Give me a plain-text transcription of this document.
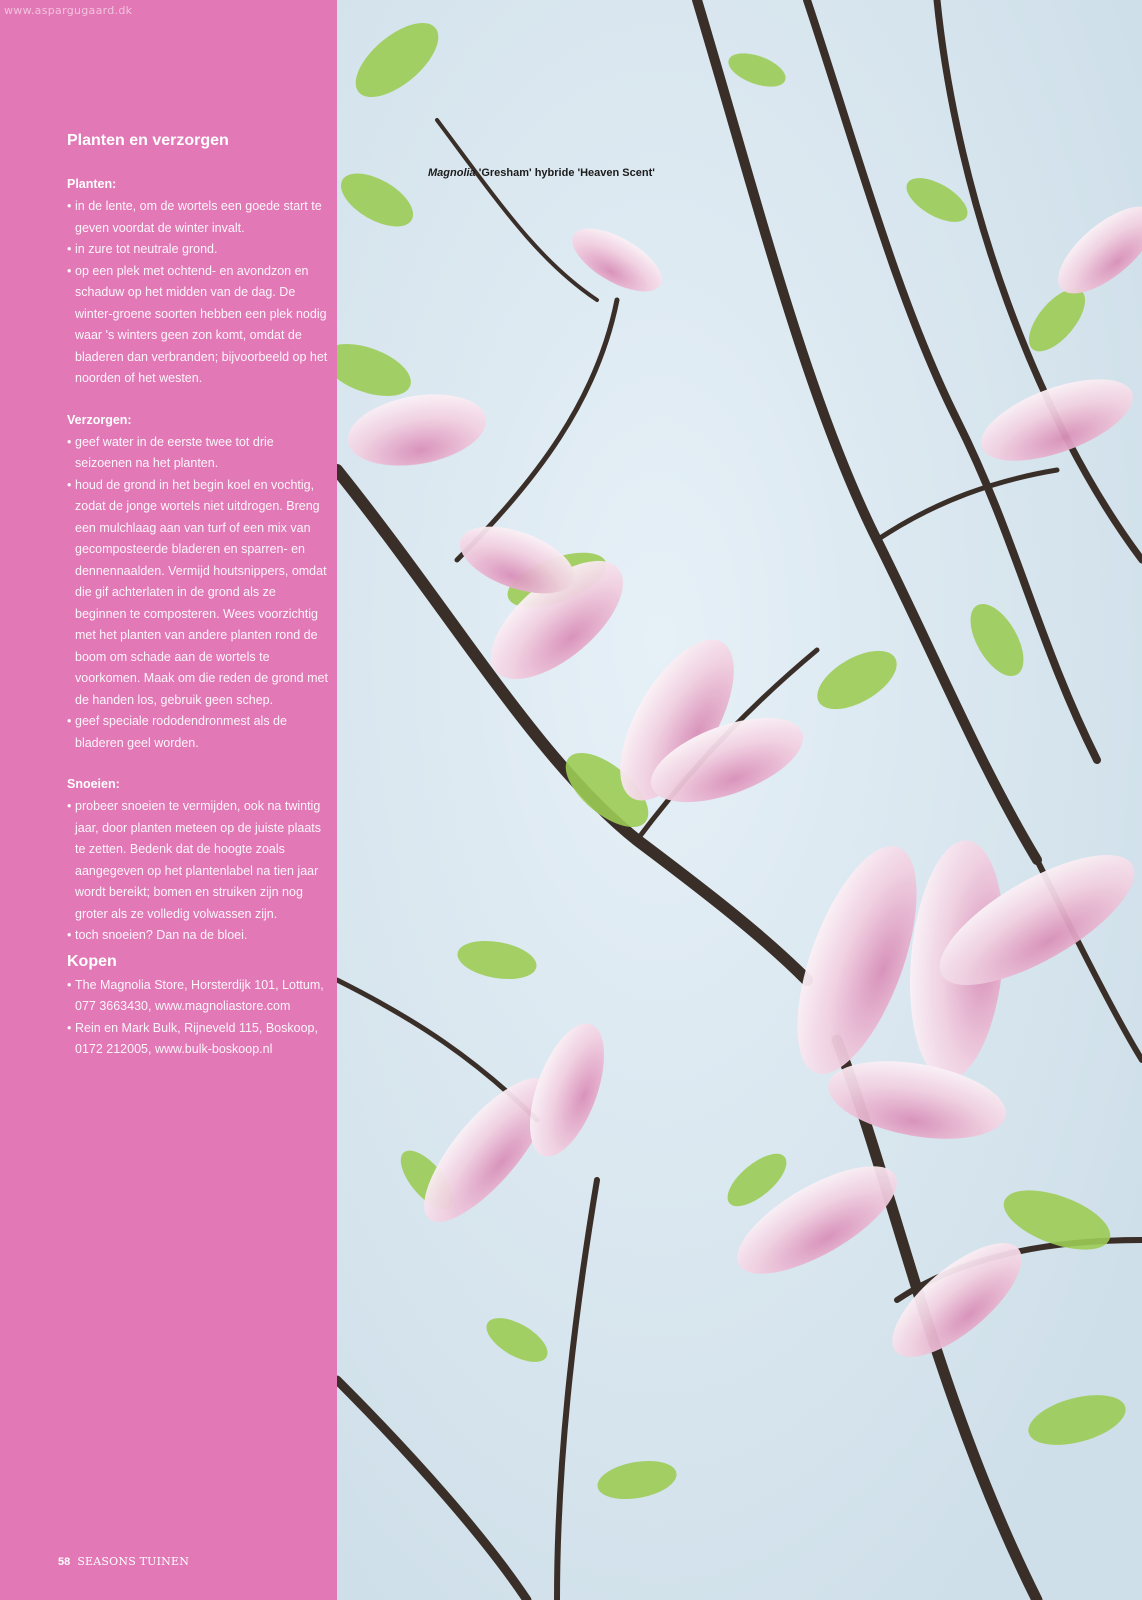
www.aspargugaard.dk
Planten en verzorgen
Planten:
• in de lente, om de wortels een goede start te geven voordat de winter invalt.
• in zure tot neutrale grond.
• op een plek met ochtend- en avondzon en schaduw op het midden van de dag. De winter-groene soorten hebben een plek nodig waar 's winters geen zon komt, omdat de bladeren dan verbranden; bijvoorbeeld op het noorden of het westen.
Verzorgen:
• geef water in de eerste twee tot drie seizoenen na het planten.
• houd de grond in het begin koel en vochtig, zodat de jonge wortels niet uitdrogen. Breng een mulchlaag aan van turf of een mix van gecomposteerde bladeren en sparren- en dennennaalden. Vermijd houtsnippers, omdat die gif achterlaten in de grond als ze beginnen te composteren. Wees voorzichtig met het planten van andere planten rond de boom om schade aan de wortels te voorkomen. Maak om die reden de grond met de handen los, gebruik geen schep.
• geef speciale rododendronmest als de bladeren geel worden.
Snoeien:
• probeer snoeien te vermijden, ook na twintig jaar, door planten meteen op de juiste plaats te zetten. Bedenk dat de hoogte zoals aangegeven op het plantenlabel na tien jaar wordt bereikt; bomen en struiken zijn nog groter als ze volledig volwassen zijn.
• toch snoeien? Dan na de bloei.
Kopen
• The Magnolia Store, Horsterdijk 101, Lottum, 077 3663430, www.magnoliastore.com
• Rein en Mark Bulk, Rijneveld 115, Boskoop, 0172 212005, www.bulk-boskoop.nl
58 SEASONS TUINEN
Magnolia 'Gresham' hybride 'Heaven Scent'
